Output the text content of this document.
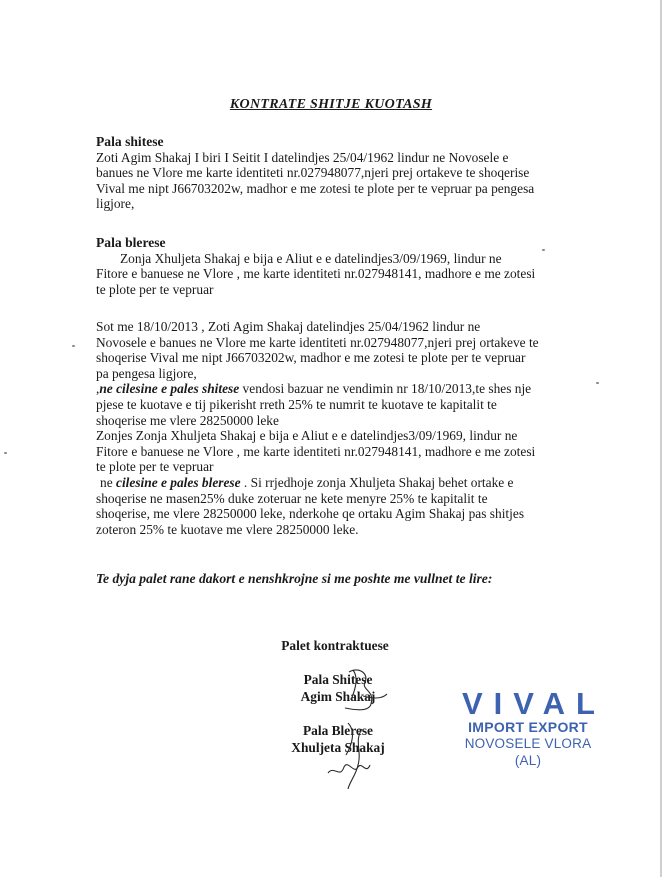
KONTRATE SHITJE KUOTASH
Pala shitese
Zoti Agim Shakaj I biri I Seitit I datelindjes 25/04/1962 lindur ne Novosele e
banues ne Vlore me karte identiteti nr.027948077,njeri prej ortakeve te shoqerise
Vival me nipt J66703202w, madhor e me zotesi te plote per te vepruar pa pengesa
ligjore,
Pala blerese
Zonja Xhuljeta Shakaj e bija e Aliut e e datelindjes3/09/1969, lindur ne
Fitore e banuese ne Vlore , me karte identiteti nr.027948141, madhore e me zotesi
te plote per te vepruar
Sot me 18/10/2013 , Zoti Agim Shakaj datelindjes 25/04/1962 lindur ne
Novosele e banues ne Vlore me karte identiteti nr.027948077,njeri prej ortakeve te
shoqerise Vival me nipt J66703202w, madhor e me zotesi te plote per te vepruar
pa pengesa ligjore,
,ne cilesine e pales shitese vendosi bazuar ne vendimin nr 18/10/2013,te shes nje
pjese te kuotave e tij pikerisht rreth 25% te numrit te kuotave te kapitalit te
shoqerise me vlere 28250000 leke
Zonjes Zonja Xhuljeta Shakaj e bija e Aliut e e datelindjes3/09/1969, lindur ne
Fitore e banuese ne Vlore , me karte identiteti nr.027948141, madhore e me zotesi
te plote per te vepruar
ne cilesine e pales blerese . Si rrjedhoje zonja Xhuljeta Shakaj behet ortake e
shoqerise ne masen25% duke zoteruar ne kete menyre 25% te kapitalit te
shoqerise, me vlere 28250000 leke, nderkohe qe ortaku Agim Shakaj pas shitjes
zoteron 25% te kuotave me vlere 28250000 leke.
Te dyja palet rane dakort e nenshkrojne si me poshte me vullnet te lire:
Palet kontraktuese
Pala Shitese
Agim Shakaj
Pala Blerese
Xhuljeta Shakaj
VIVAL
IMPORT EXPORT
NOVOSELE VLORA (AL)
